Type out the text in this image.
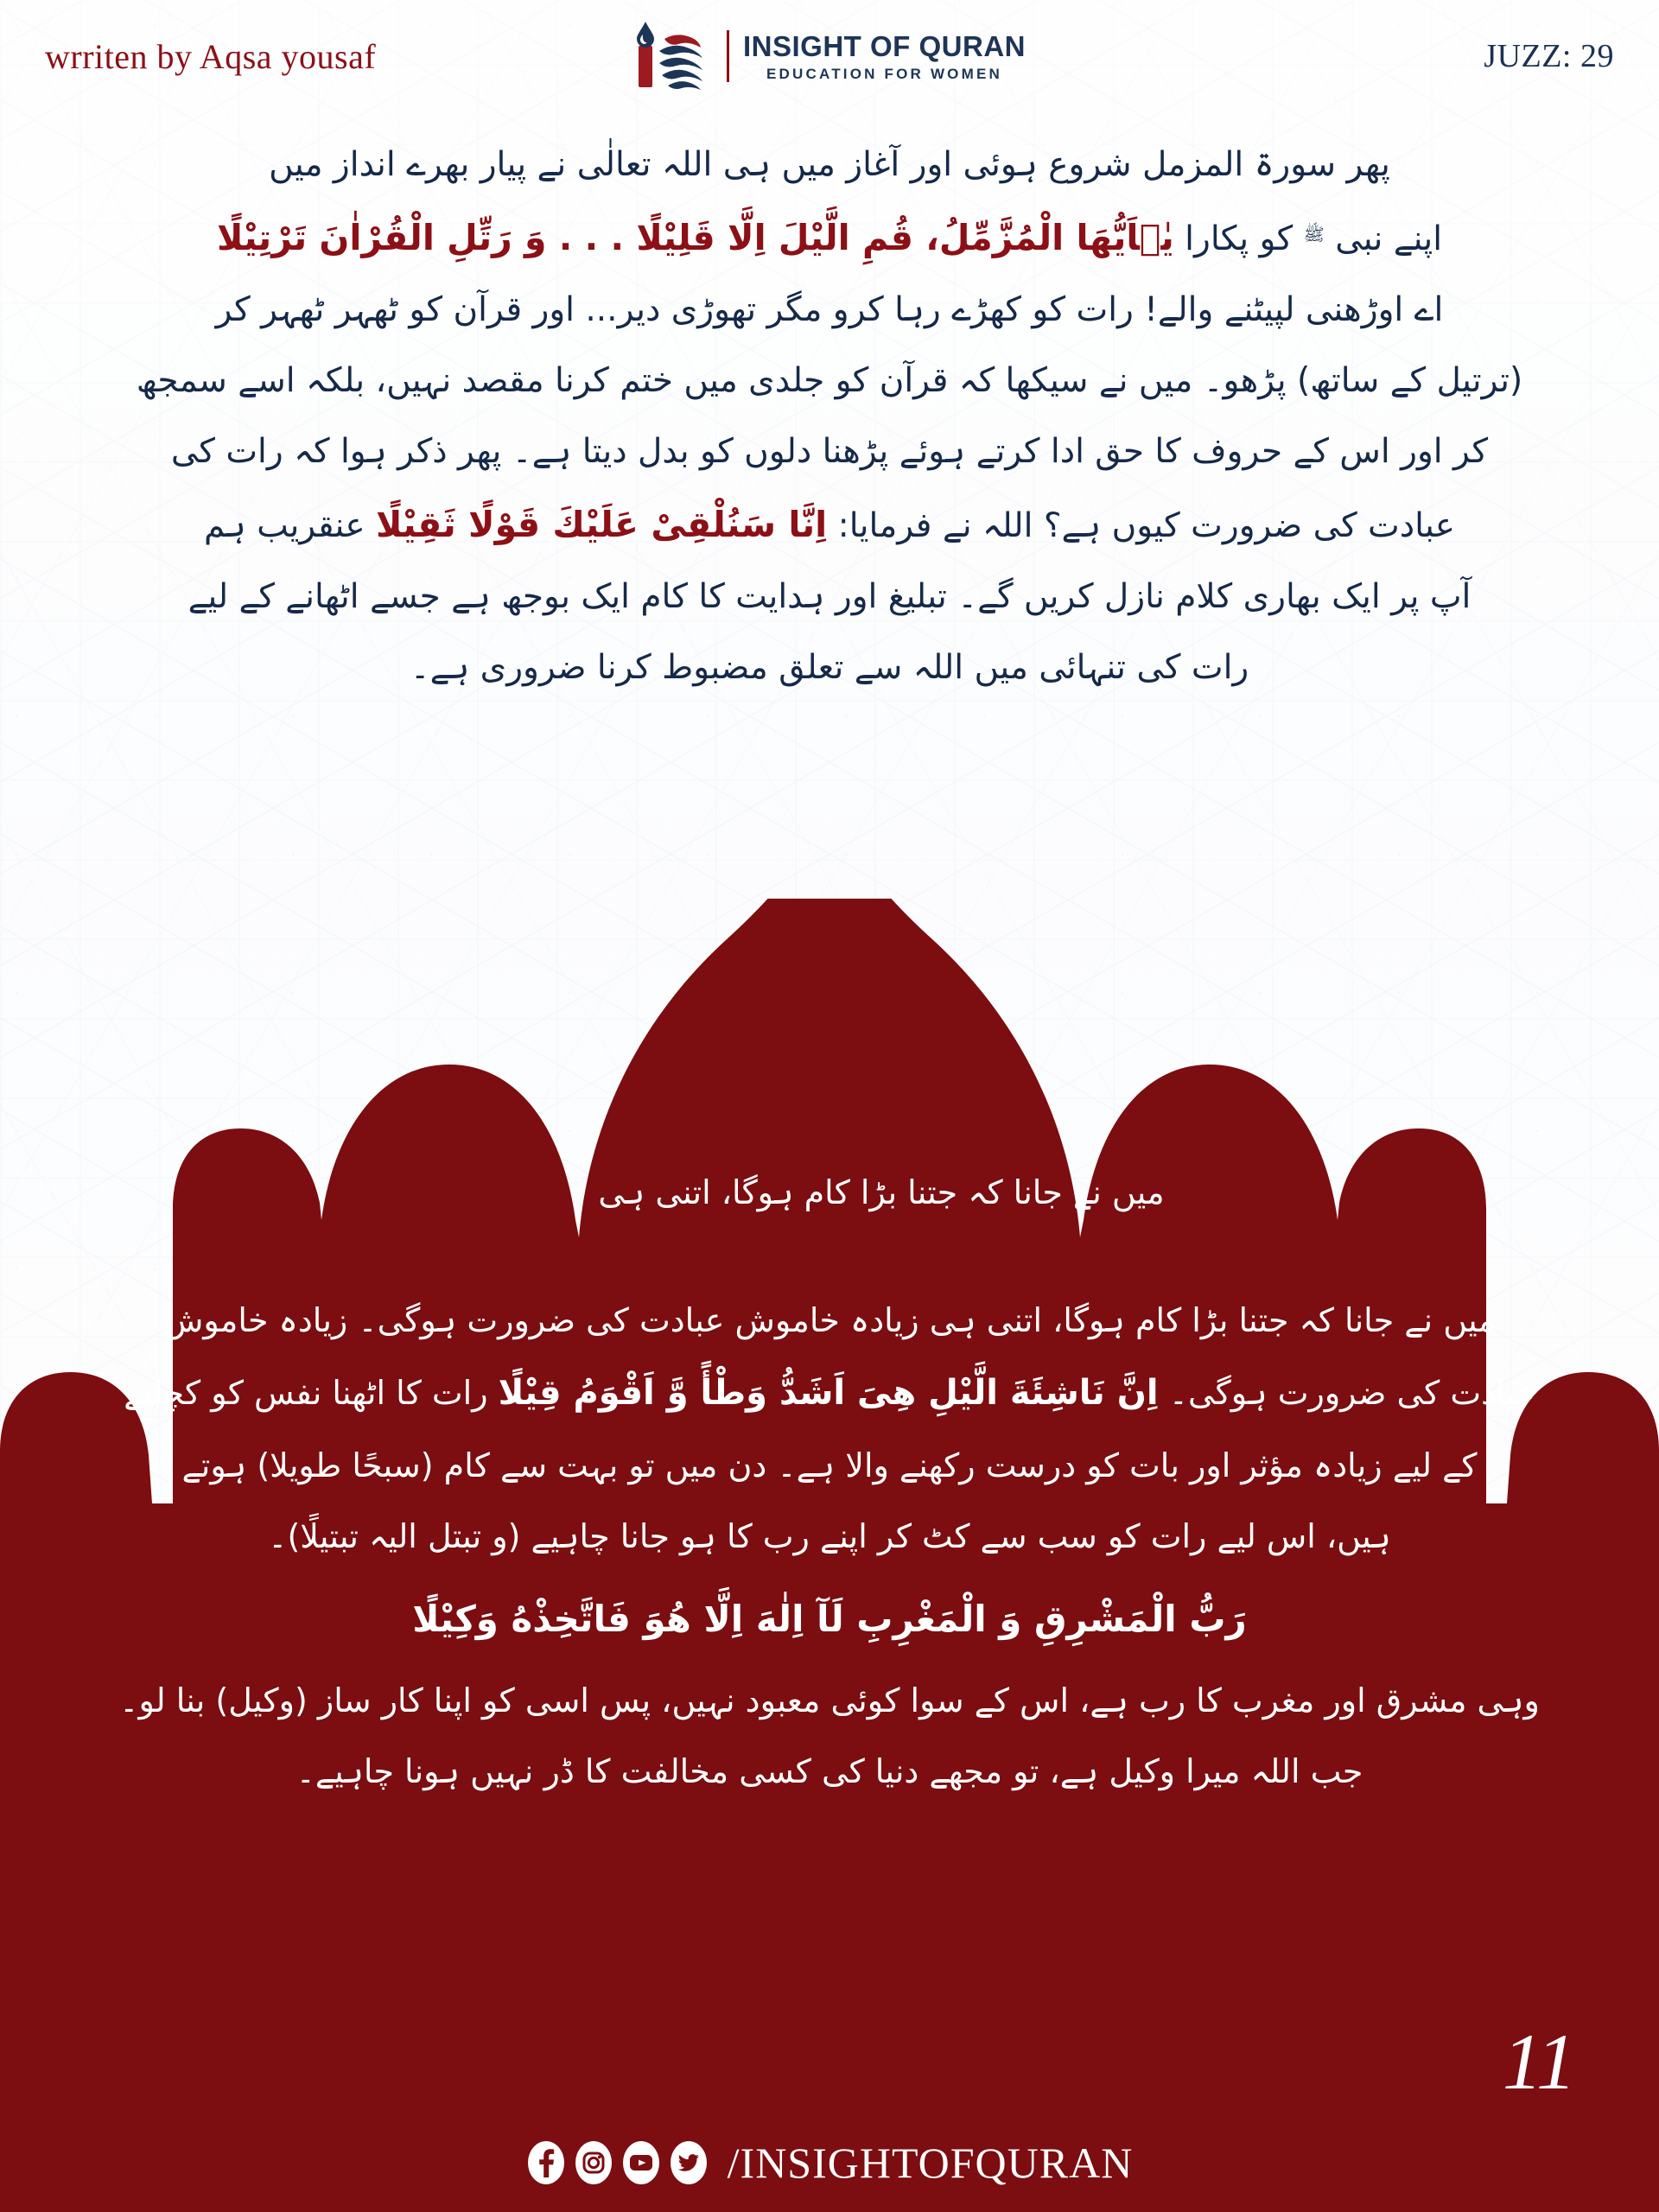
wrriten by Aqsa yousaf	INSIGHT OF QURAN
EDUCATION FOR WOMEN	JUZZ: 29

پھر سورۃ المزمل شروع ہوئی اور آغاز میں ہی اللہ تعالٰی نے پیار بھرے انداز میں

اپنے نبی $^ﷺ$ کو پکارا يٰۤاَيُّهَا الْمُزَّمِّلُ، قُمِ الَّيْلَ اِلَّا قَلِيْلًا . . . وَ رَتِّلِ الْقُرْاٰنَ تَرْتِيْلًا

اے اوڑھنی لپیٹنے والے! رات کو کھڑے رہا کرو مگر تھوڑی دیر... اور قرآن کو ٹھہر ٹھہر کر

(ترتیل کے ساتھ) پڑھو۔ میں نے سیکھا کہ قرآن کو جلدی میں ختم کرنا مقصد نہیں، بلکہ اسے سمجھ

کر اور اس کے حروف کا حق ادا کرتے ہوئے پڑھنا دلوں کو بدل دیتا ہے۔ پھر ذکر ہوا کہ رات کی

عبادت کی ضرورت کیوں ہے؟ اللہ نے فرمایا: اِنَّا سَنُلْقِىْ عَلَيْكَ قَوْلًا ثَقِيْلًا عنقریب ہم

آپ پر ایک بھاری کلام نازل کریں گے۔ تبلیغ اور ہدایت کا کام ایک بوجھ ہے جسے اٹھانے کے لیے

رات کی تنہائی میں اللہ سے تعلق مضبوط کرنا ضروری ہے۔

میں نے جانا کہ جتنا بڑا کام ہوگا، اتنی ہی

میں نے جانا کہ جتنا بڑا کام ہوگا، اتنی ہی زیادہ خاموش عبادت کی ضرورت ہوگی۔ زیادہ خاموش

عبادت کی ضرورت ہوگی۔ اِنَّ نَاشِئَةَ الَّيْلِ هِىَ اَشَدُّ وَطْأً وَّ اَقْوَمُ قِيْلًا رات کا اٹھنا نفس کو کچلنے

کے لیے زیادہ مؤثر اور بات کو درست رکھنے والا ہے۔ دن میں تو بہت سے کام (سبحًا طویلا) ہوتے

ہیں، اس لیے رات کو سب سے کٹ کر اپنے رب کا ہو جانا چاہیے (و تبتل الیہ تبتیلًا)۔

رَبُّ الْمَشْرِقِ وَ الْمَغْرِبِ لَآ اِلٰهَ اِلَّا هُوَ فَاتَّخِذْهُ وَكِيْلًا

وہی مشرق اور مغرب کا رب ہے، اس کے سوا کوئی معبود نہیں، پس اسی کو اپنا کار ساز (وکیل) بنا لو۔

جب اللہ میرا وکیل ہے، تو مجھے دنیا کی کسی مخالفت کا ڈر نہیں ہونا چاہیے۔

11
/INSIGHTOFQURAN
